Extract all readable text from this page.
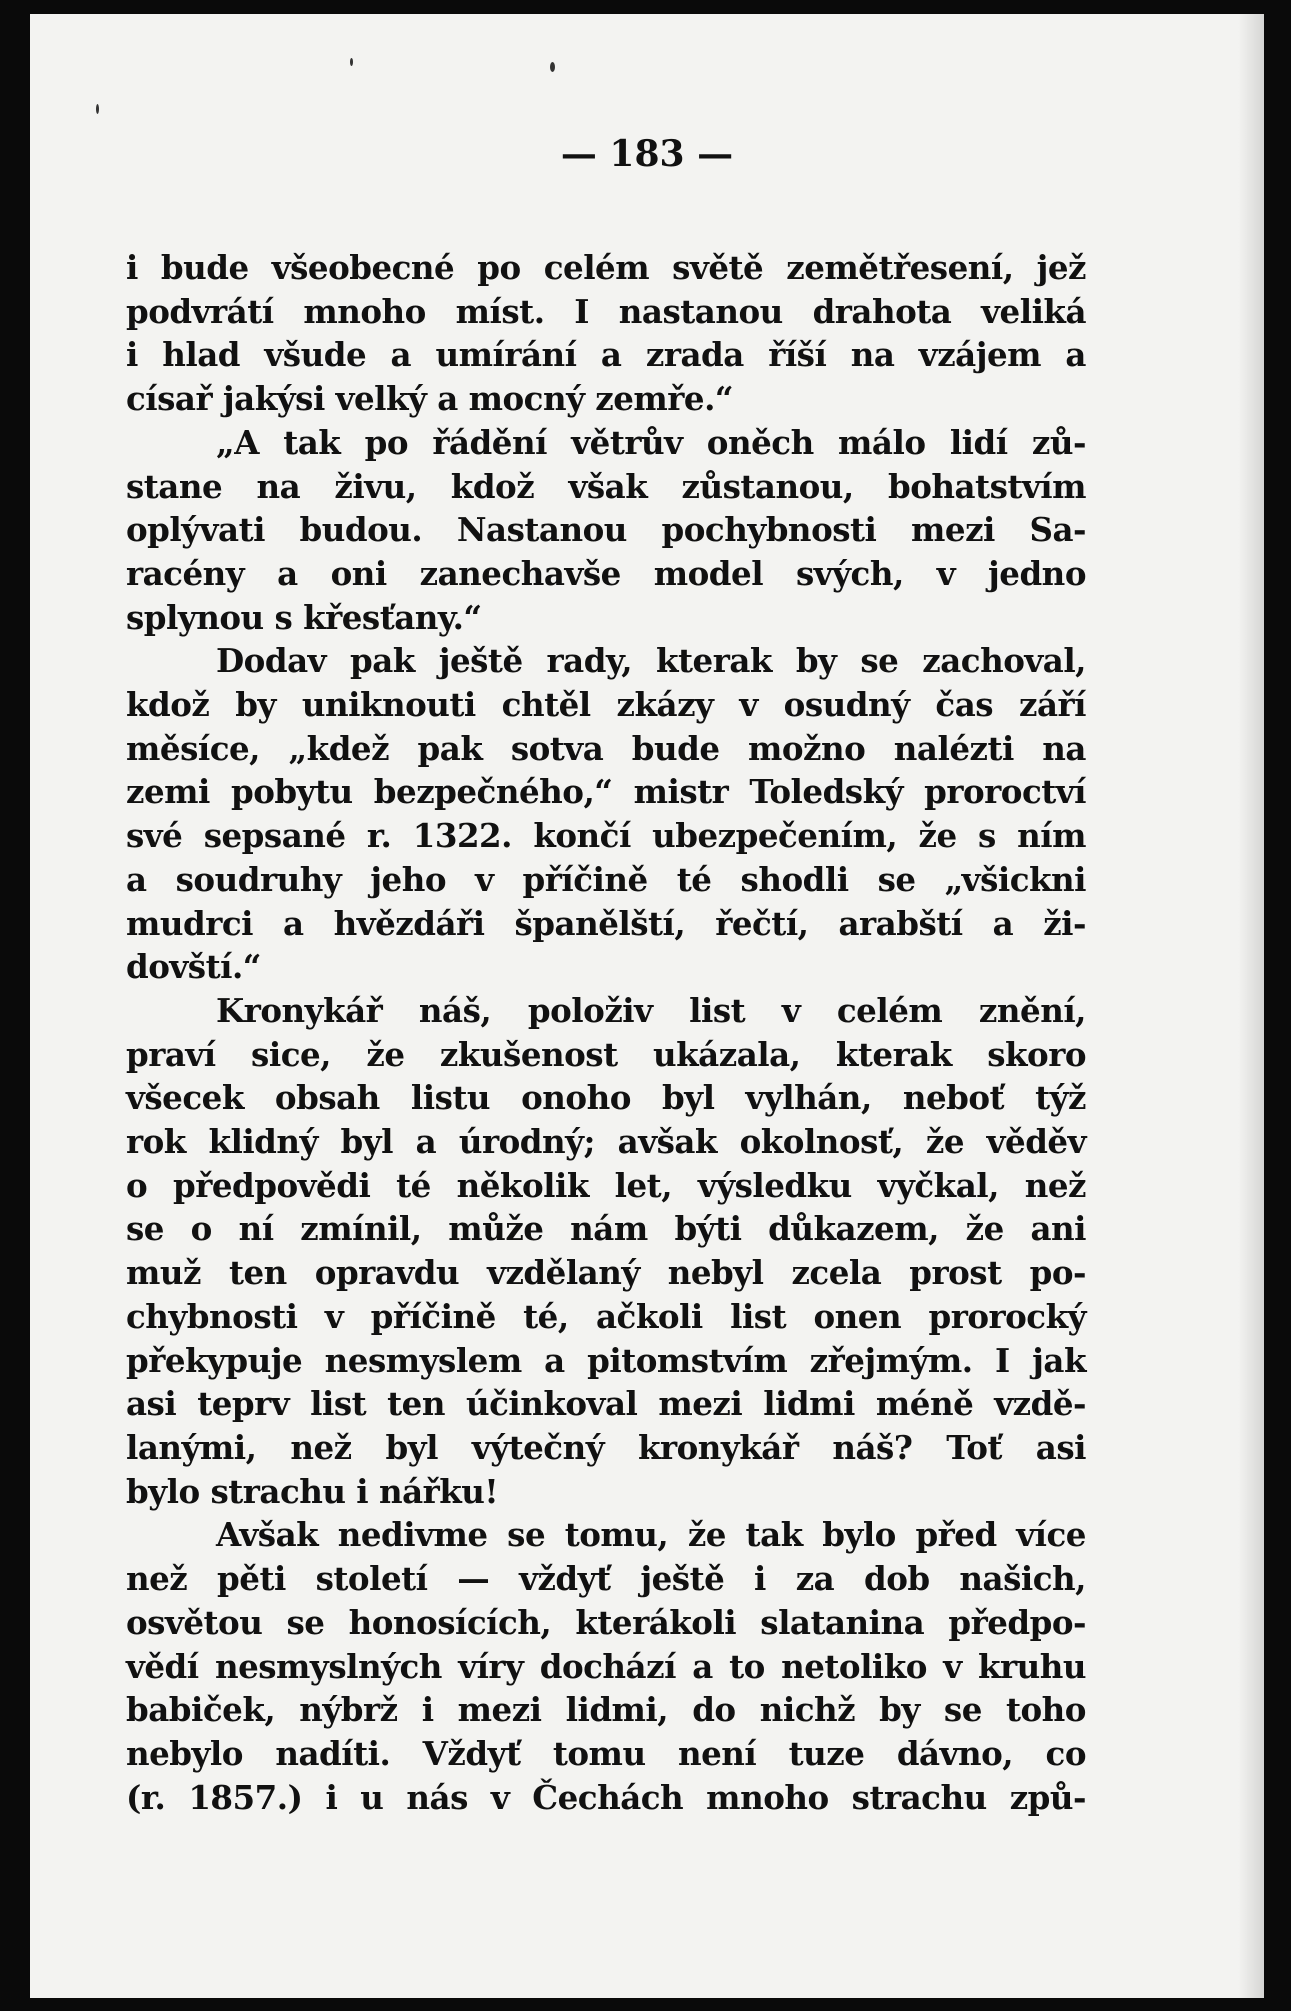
— 183 —
i bude všeobecné po celém světě zemětřesení, jež
podvrátí mnoho míst. I nastanou drahota veliká
i hlad všude a umírání a zrada říší na vzájem a
císař jakýsi velký a mocný zemře.“
„A tak po řádění větrův oněch málo lidí zů-
stane na živu, kdož však zůstanou, bohatstvím
oplývati budou. Nastanou pochybnosti mezi Sa-
racény a oni zanechavše model svých, v jedno
splynou s křesťany.“
Dodav pak ještě rady, kterak by se zachoval,
kdož by uniknouti chtěl zkázy v osudný čas září
měsíce, „kdež pak sotva bude možno nalézti na
zemi pobytu bezpečného,“ mistr Toledský proroctví
své sepsané r. 1322. končí ubezpečením, že s ním
a soudruhy jeho v příčině té shodli se „všickni
mudrci a hvězdáři španělští, řečtí, arabští a ži-
dovští.“
Kronykář náš, položiv list v celém znění,
praví sice, že zkušenost ukázala, kterak skoro
všecek obsah listu onoho byl vylhán, neboť týž
rok klidný byl a úrodný; avšak okolnosť, že věděv
o předpovědi té několik let, výsledku vyčkal, než
se o ní zmínil, může nám býti důkazem, že ani
muž ten opravdu vzdělaný nebyl zcela prost po-
chybnosti v příčině té, ačkoli list onen prorocký
překypuje nesmyslem a pitomstvím zřejmým. I jak
asi teprv list ten účinkoval mezi lidmi méně vzdě-
lanými, než byl výtečný kronykář náš? Toť asi
bylo strachu i nářku!
Avšak nedivme se tomu, že tak bylo před více
než pěti století — vždyť ještě i za dob našich,
osvětou se honosících, kterákoli slatanina předpo-
vědí nesmyslných víry dochází a to netoliko v kruhu
babiček, nýbrž i mezi lidmi, do nichž by se toho
nebylo nadíti. Vždyť tomu není tuze dávno, co
(r. 1857.) i u nás v Čechách mnoho strachu způ-
